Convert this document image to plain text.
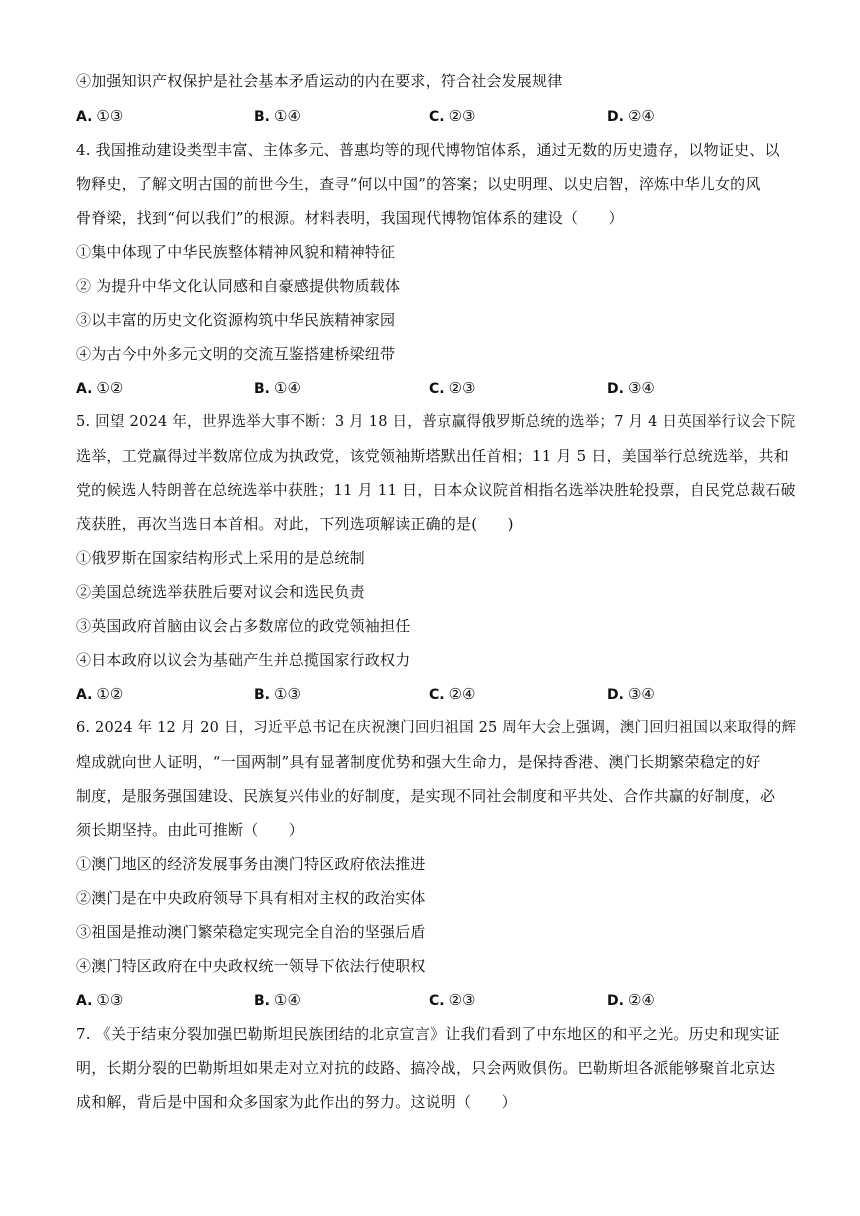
④加强知识产权保护是社会基本矛盾运动的内在要求，符合社会发展规律
A. ①③	B. ①④	C. ②③	D. ②④
4. 我国推动建设类型丰富、主体多元、普惠均等的现代博物馆体系，通过无数的历史遗存，以物证史、以
物释史，了解文明古国的前世今生，查寻“何以中国”的答案；以史明理、以史启智，淬炼中华儿女的风
骨脊梁，找到“何以我们”的根源。材料表明，我国现代博物馆体系的建设（　　）
①集中体现了中华民族整体精神风貌和精神特征
② 为提升中华文化认同感和自豪感提供物质载体
③以丰富的历史文化资源构筑中华民族精神家园
④为古今中外多元文明的交流互鉴搭建桥梁纽带
A. ①②	B. ①④	C. ②③	D. ③④
5. 回望 2024 年，世界选举大事不断：3 月 18 日，普京赢得俄罗斯总统的选举；7 月 4 日英国举行议会下院
选举，工党赢得过半数席位成为执政党，该党领袖斯塔默出任首相；11 月 5 日，美国举行总统选举，共和
党的候选人特朗普在总统选举中获胜；11 月 11 日，日本众议院首相指名选举决胜轮投票，自民党总裁石破
茂获胜，再次当选日本首相。对此，下列选项解读正确的是(　　)
①俄罗斯在国家结构形式上采用的是总统制
②美国总统选举获胜后要对议会和选民负责
③英国政府首脑由议会占多数席位的政党领袖担任
④日本政府以议会为基础产生并总揽国家行政权力
A. ①②	B. ①③	C. ②④	D. ③④
6. 2024 年 12 月 20 日，习近平总书记在庆祝澳门回归祖国 25 周年大会上强调，澳门回归祖国以来取得的辉
煌成就向世人证明，“一国两制”具有显著制度优势和强大生命力，是保持香港、澳门长期繁荣稳定的好
制度，是服务强国建设、民族复兴伟业的好制度，是实现不同社会制度和平共处、合作共赢的好制度，必
须长期坚持。由此可推断（　　）
①澳门地区的经济发展事务由澳门特区政府依法推进
②澳门是在中央政府领导下具有相对主权的政治实体
③祖国是推动澳门繁荣稳定实现完全自治的坚强后盾
④澳门特区政府在中央政权统一领导下依法行使职权
A. ①③	B. ①④	C. ②③	D. ②④
7. 《关于结束分裂加强巴勒斯坦民族团结的北京宣言》让我们看到了中东地区的和平之光。历史和现实证
明，长期分裂的巴勒斯坦如果走对立对抗的歧路、搞冷战，只会两败俱伤。巴勒斯坦各派能够聚首北京达
成和解，背后是中国和众多国家为此作出的努力。这说明（　　）
